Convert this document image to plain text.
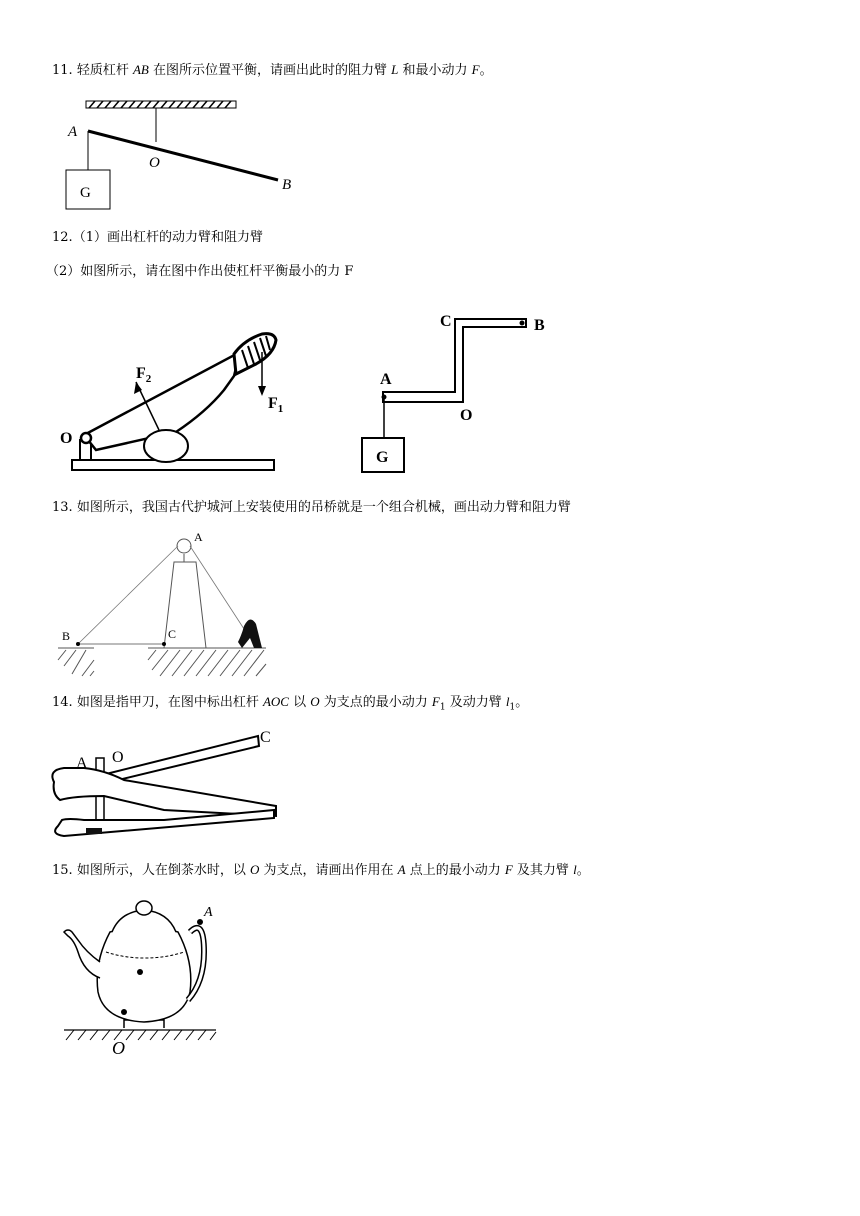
11. 轻质杠杆 AB 在图所示位置平衡，请画出此时的阻力臂 L 和最小动力 F。
A
O
B
G
12.（1）画出杠杆的动力臂和阻力臂
（2）如图所示，请在图中作出使杠杆平衡最小的力 F
O
$F_2$
$F_1$
C	B
A
O
G
13. 如图所示，我国古代护城河上安装使用的吊桥就是一个组合机械，画出动力臂和阻力臂
A
B	C
14. 如图是指甲刀，在图中标出杠杆 AOC 以 O 为支点的最小动力 $F_1$ 及动力臂 $l_1$。
A O
C
15. 如图所示，人在倒茶水时，以 O 为支点，请画出作用在 A 点上的最小动力 F 及其力臂 l。
A
O
